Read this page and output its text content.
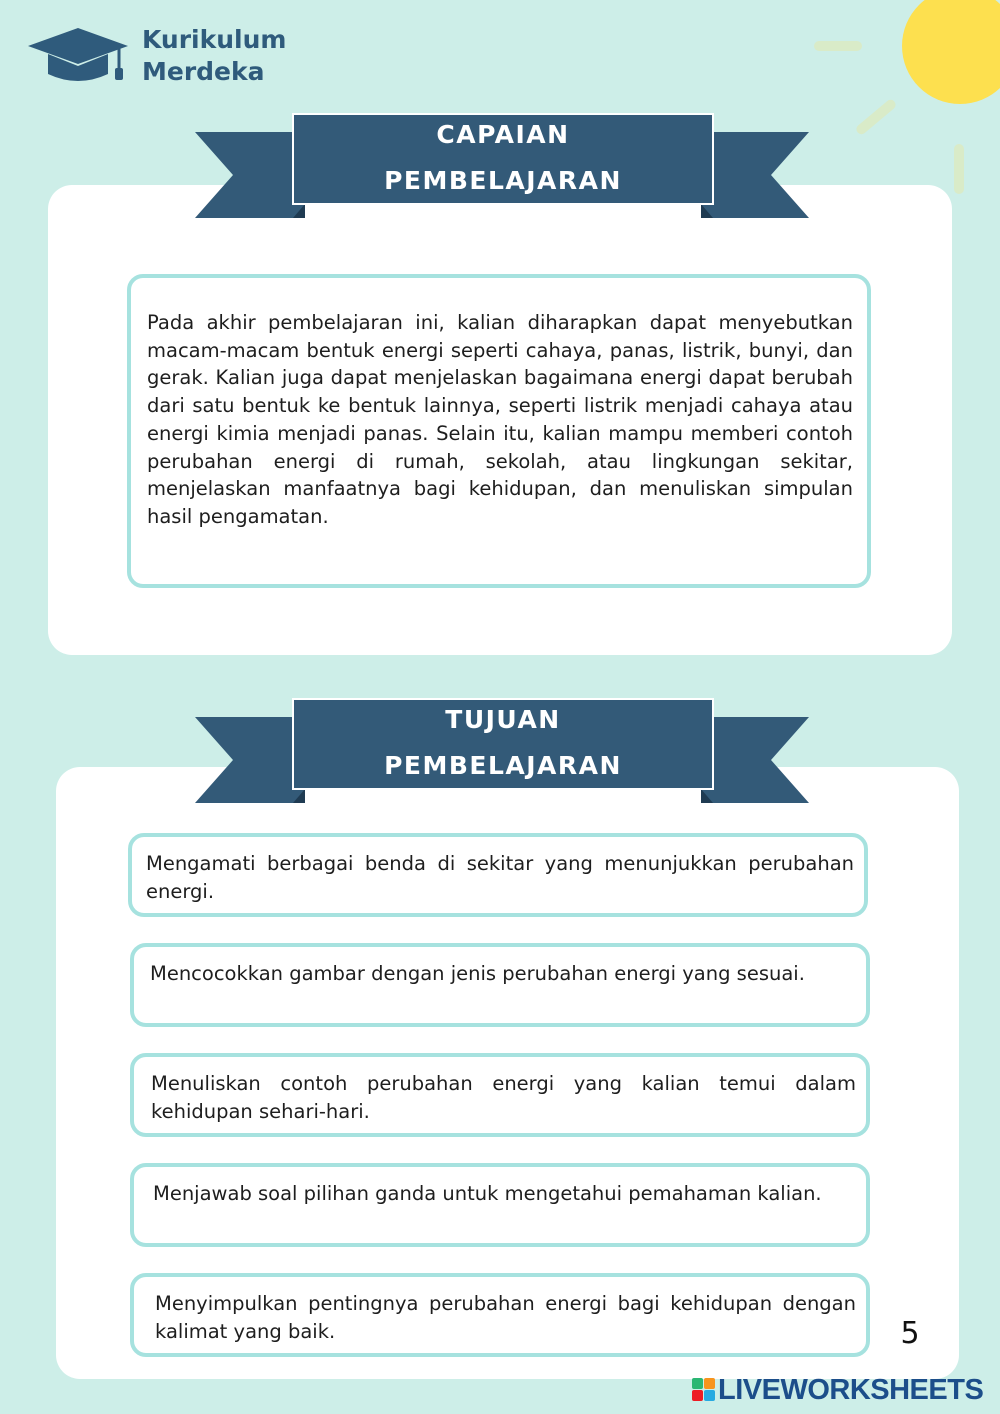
Kurikulum
Merdeka
CAPAIAN
PEMBELAJARAN
Pada akhir pembelajaran ini, kalian diharapkan dapat menyebutkan macam-macam bentuk energi seperti cahaya, panas, listrik, bunyi, dan gerak. Kalian juga dapat menjelaskan bagaimana energi dapat berubah dari satu bentuk ke bentuk lainnya, seperti listrik menjadi cahaya atau energi kimia menjadi panas. Selain itu, kalian mampu memberi contoh perubahan energi di rumah, sekolah, atau lingkungan sekitar, menjelaskan manfaatnya bagi kehidupan, dan menuliskan simpulan hasil pengamatan.
TUJUAN
PEMBELAJARAN
Mengamati berbagai benda di sekitar yang menunjukkan perubahan energi.
Mencocokkan gambar dengan jenis perubahan energi yang sesuai.
Menuliskan contoh perubahan energi yang kalian temui dalam kehidupan sehari-hari.
Menjawab soal pilihan ganda untuk mengetahui pemahaman kalian.
Menyimpulkan pentingnya perubahan energi bagi kehidupan dengan kalimat yang baik.	5
LIVEWORKSHEETS
